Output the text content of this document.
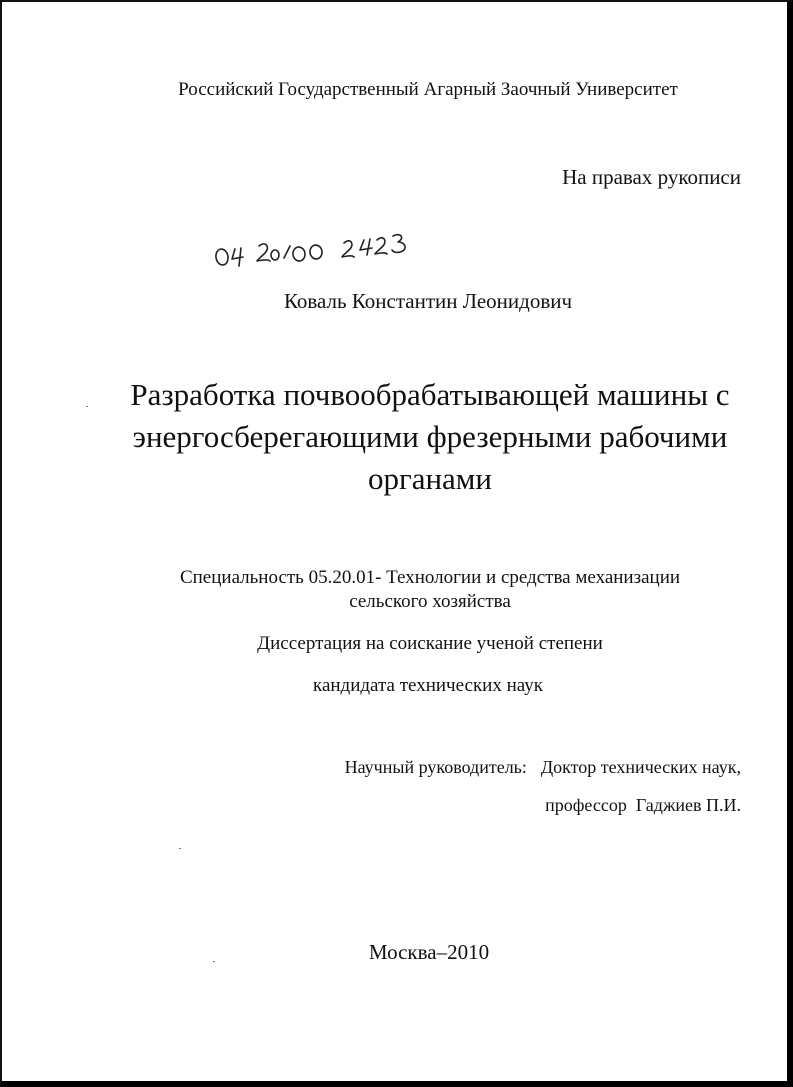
Российский Государственный Агарный Заочный Университет
На правах рукописи
Коваль Константин Леонидович
Разработка почвообрабатывающей машины с
энергосберегающими фрезерными рабочими
органами
Специальность 05.20.01- Технологии и средства механизации
сельского хозяйства
Диссертация на соискание ученой степени
кандидата технических наук
Научный руководитель: Доктор технических наук,
профессор  Гаджиев П.И.
Москва–2010
